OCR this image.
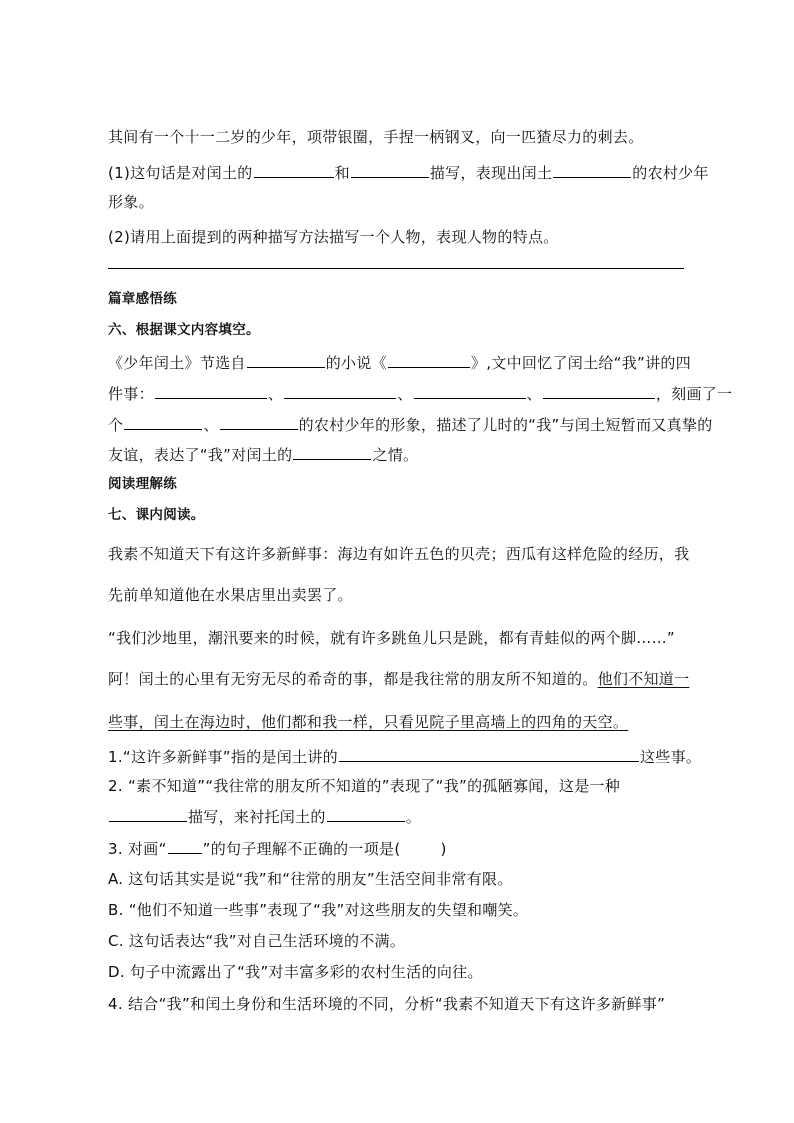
其间有一个十一二岁的少年，项带银圈，手捏一柄钢叉，向一匹猹尽力的刺去。
(1)这句话是对闰土的	和	描写，表现出闰土	的农村少年
形象。
(2)请用上面提到的两种描写方法描写一个人物，表现人物的特点。
篇章感悟练
六、根据课文内容填空。
《少年闰土》节选自	的小说《	》,文中回忆了闰土给“我”讲的四
件事：	、	、	、	，刻画了一
个	、	的农村少年的形象，描述了儿时的“我”与闰土短暂而又真挚的
友谊，表达了“我”对闰土的	之情。
阅读理解练
七、课内阅读。
我素不知道天下有这许多新鲜事：海边有如许五色的贝壳；西瓜有这样危险的经历，我
先前单知道他在水果店里出卖罢了。
“我们沙地里，潮汛要来的时候，就有许多跳鱼儿只是跳，都有青蛙似的两个脚……”
阿！闰土的心里有无穷无尽的希奇的事，都是我往常的朋友所不知道的。他们不知道一
些事，闰土在海边时，他们都和我一样，只看见院子里高墙上的四角的天空。
1.“这许多新鲜事”指的是闰土讲的	这些事。
2. “素不知道”“我往常的朋友所不知道的”表现了“我”的孤陋寡闻，这是一种
描写，来衬托闰土的	。
3. 对画“ ”的句子理解不正确的一项是(	)
A. 这句话其实是说“我”和“往常的朋友”生活空间非常有限。
B. “他们不知道一些事”表现了“我”对这些朋友的失望和嘲笑。
C. 这句话表达“我”对自己生活环境的不满。
D. 句子中流露出了“我”对丰富多彩的农村生活的向往。
4. 结合“我”和闰土身份和生活环境的不同，分析“我素不知道天下有这许多新鲜事”
